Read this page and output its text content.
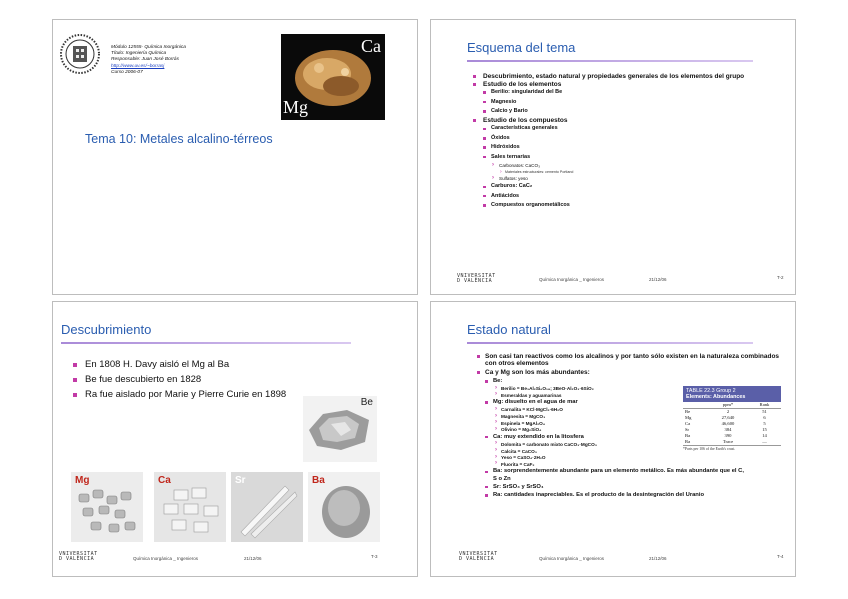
Módulo 12555- Química Inorgánica
Título: Ingeniería Química
Responsable: Juan José Borrás
http://www.uv.es/~borrasj
Curso 2006-07
Ca
Mg
Tema 10: Metales alcalino-térreos
Esquema del tema
Descubrimiento, estado natural y propiedades generales de los elementos del grupo
Estudio de los elementos
Berilio: singularidad del Be
Magnesio
Calcio y Bario
Estudio de los compuestos
Características generales
Óxidos
Hidróxidos
Sales ternarias
› Carbonatos: CaCO₃
› Materiales estructurales: cemento Portland
› Sulfatos: yeso
Carburos: CaC₂
Antiácidos
Compuestos organometálicos
VNIVERSITAT D VALÈNCIA	Química Inorgánica _ Ingenieros	21/12/06	T-2
Descubrimiento
En 1808 H. Davy aisló el Mg al Ba
Be fue descubierto en 1828
Ra fue aislado por Marie y Pierre Curie en 1898
Be
Mg	Ca	Sr	Ba
VNIVERSITAT D VALÈNCIA	Química Inorgánica _ Ingenieros	21/12/06	T-3
Estado natural
Son casi tan reactivos como los alcalinos y por tanto sólo existen en la naturaleza combinados con otros elementos
Ca y Mg son los más abundantes:
Be:
› Berilio = Be₃Al₂Si₆O₁₈; 3BeO·Al₂O₃·6SiO₂
› Esmeraldas y aguamarinas
Mg: disuelto en el agua de mar
› Carnalita = KCl·MgCl₂·6H₂O
› Magnesita = MgCO₃
› Espinela = MgAl₂O₄
› Olivino = Mg₂SiO₄
Ca: muy extendido en la litosfera
› Dolomita = carbonato mixto CaCO₃·MgCO₃
› Calcita = CaCO₃
› Yeso = CaSO₄·2H₂O
› Fluorita = CaF₂
Ba: sorprendentemente abundante para un elemento metálico. Es más abundante que el C, S o Zn
Sr: SrSO₄ y SrSO₄
Ra: cantidades inapreciables. Es el producto de la desintegración del Uranio
TABLE 22.3 Group 2
Elements: Abundances
	ppm*	Rank
Be	2	51
Mg	27,640	6
Ca	46,600	5
Sr	384	15
Ba	390	14
Ra	Trace	—
*Parts per 106 of the Earth's crust.
VNIVERSITAT D VALÈNCIA	Química Inorgánica _ Ingenieros	21/12/06	T-4
